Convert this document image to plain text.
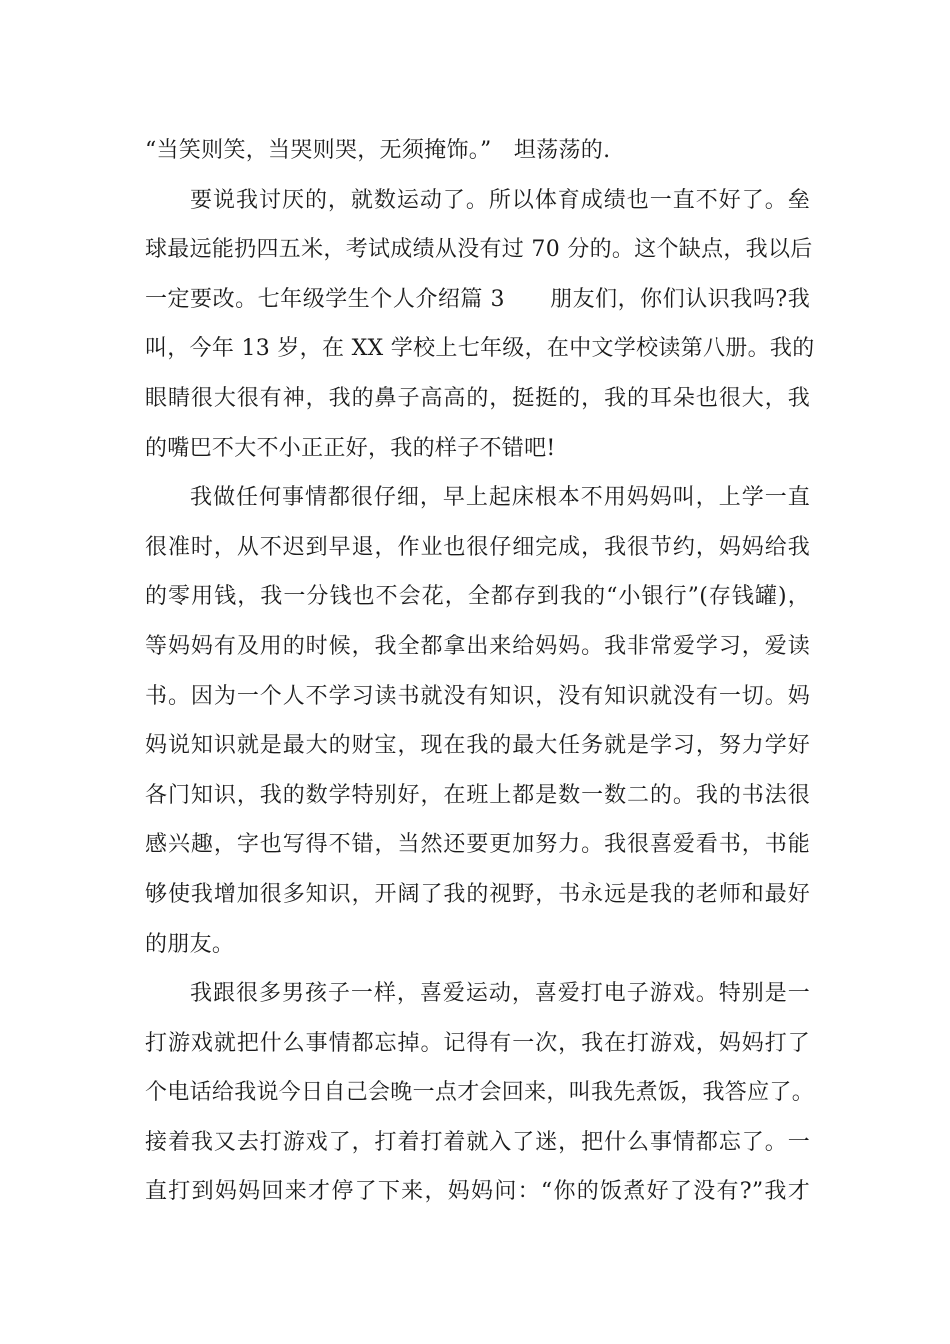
“当笑则笑，当哭则哭，无须掩饰。”　坦荡荡的.
要说我讨厌的，就数运动了。所以体育成绩也一直不好了。垒
球最远能扔四五米，考试成绩从没有过 70 分的。这个缺点，我以后
一定要改。七年级学生个人介绍篇 3　　朋友们，你们认识我吗?我
叫，今年 13 岁，在 XX 学校上七年级，在中文学校读第八册。我的
眼睛很大很有神，我的鼻子高高的，挺挺的，我的耳朵也很大，我
的嘴巴不大不小正正好，我的样子不错吧!
我做任何事情都很仔细，早上起床根本不用妈妈叫，上学一直
很准时，从不迟到早退，作业也很仔细完成，我很节约，妈妈给我
的零用钱，我一分钱也不会花，全都存到我的“小银行”(存钱罐)，
等妈妈有及用的时候，我全都拿出来给妈妈。我非常爱学习，爱读
书。因为一个人不学习读书就没有知识，没有知识就没有一切。妈
妈说知识就是最大的财宝，现在我的最大任务就是学习，努力学好
各门知识，我的数学特别好，在班上都是数一数二的。我的书法很
感兴趣，字也写得不错，当然还要更加努力。我很喜爱看书，书能
够使我增加很多知识，开阔了我的视野，书永远是我的老师和最好
的朋友。
我跟很多男孩子一样，喜爱运动，喜爱打电子游戏。特别是一
打游戏就把什么事情都忘掉。记得有一次，我在打游戏，妈妈打了
个电话给我说今日自己会晚一点才会回来，叫我先煮饭，我答应了。
接着我又去打游戏了，打着打着就入了迷，把什么事情都忘了。一
直打到妈妈回来才停了下来，妈妈问：“你的饭煮好了没有?”我才
